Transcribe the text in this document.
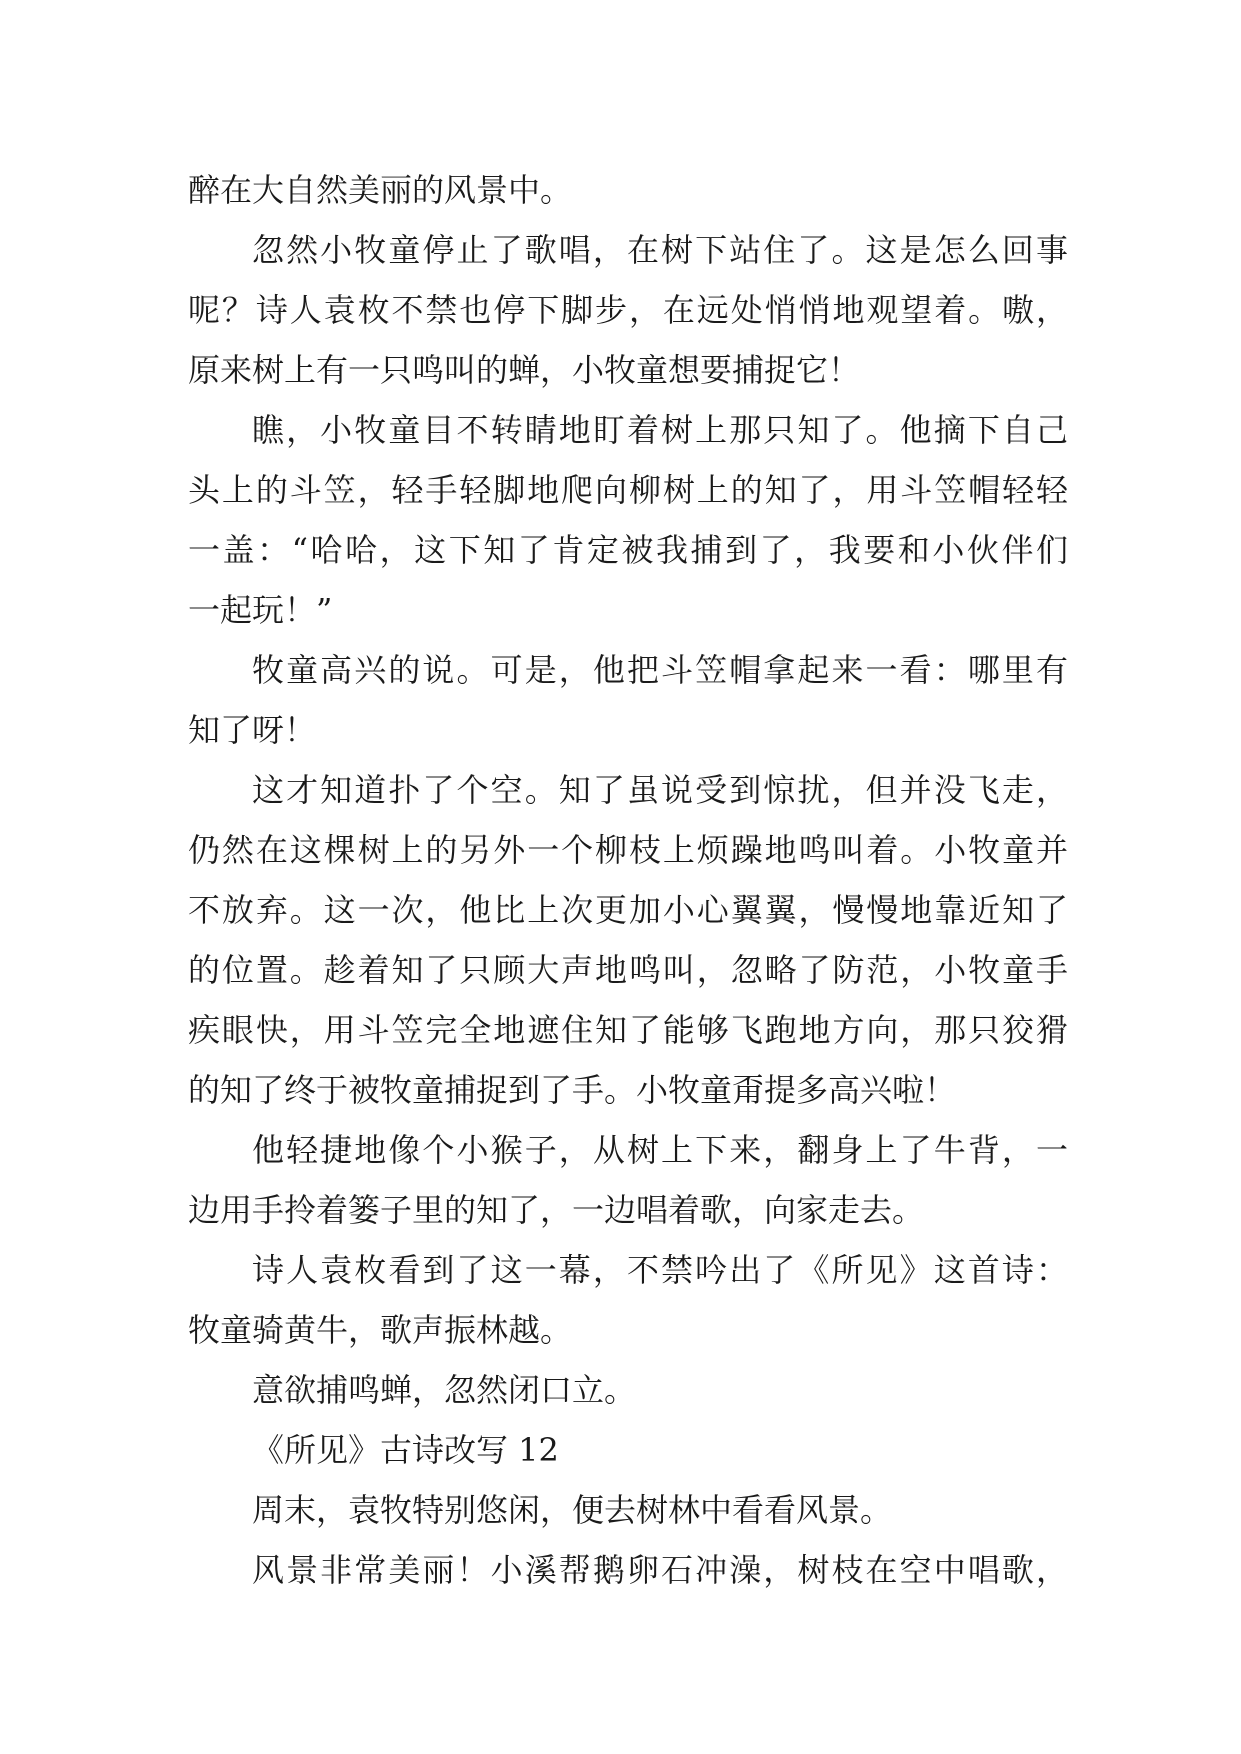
醉在大自然美丽的风景中。
忽然小牧童停止了歌唱，在树下站住了。这是怎么回事
呢？诗人袁枚不禁也停下脚步，在远处悄悄地观望着。嗷，
原来树上有一只鸣叫的蝉，小牧童想要捕捉它！
瞧，小牧童目不转睛地盯着树上那只知了。他摘下自己
头上的斗笠，轻手轻脚地爬向柳树上的知了，用斗笠帽轻轻
一盖：“哈哈，这下知了肯定被我捕到了，我要和小伙伴们
一起玩！”
牧童高兴的说。可是，他把斗笠帽拿起来一看：哪里有
知了呀！
这才知道扑了个空。知了虽说受到惊扰，但并没飞走，
仍然在这棵树上的另外一个柳枝上烦躁地鸣叫着。小牧童并
不放弃。这一次，他比上次更加小心翼翼，慢慢地靠近知了
的位置。趁着知了只顾大声地鸣叫，忽略了防范，小牧童手
疾眼快，用斗笠完全地遮住知了能够飞跑地方向，那只狡猾
的知了终于被牧童捕捉到了手。小牧童甭提多高兴啦！
他轻捷地像个小猴子，从树上下来，翻身上了牛背，一
边用手拎着篓子里的知了，一边唱着歌，向家走去。
诗人袁枚看到了这一幕，不禁吟出了《所见》这首诗：
牧童骑黄牛，歌声振林越。
意欲捕鸣蝉，忽然闭口立。
《所见》古诗改写 12
周末，袁牧特别悠闲，便去树林中看看风景。
风景非常美丽！小溪帮鹅卵石冲澡，树枝在空中唱歌，
